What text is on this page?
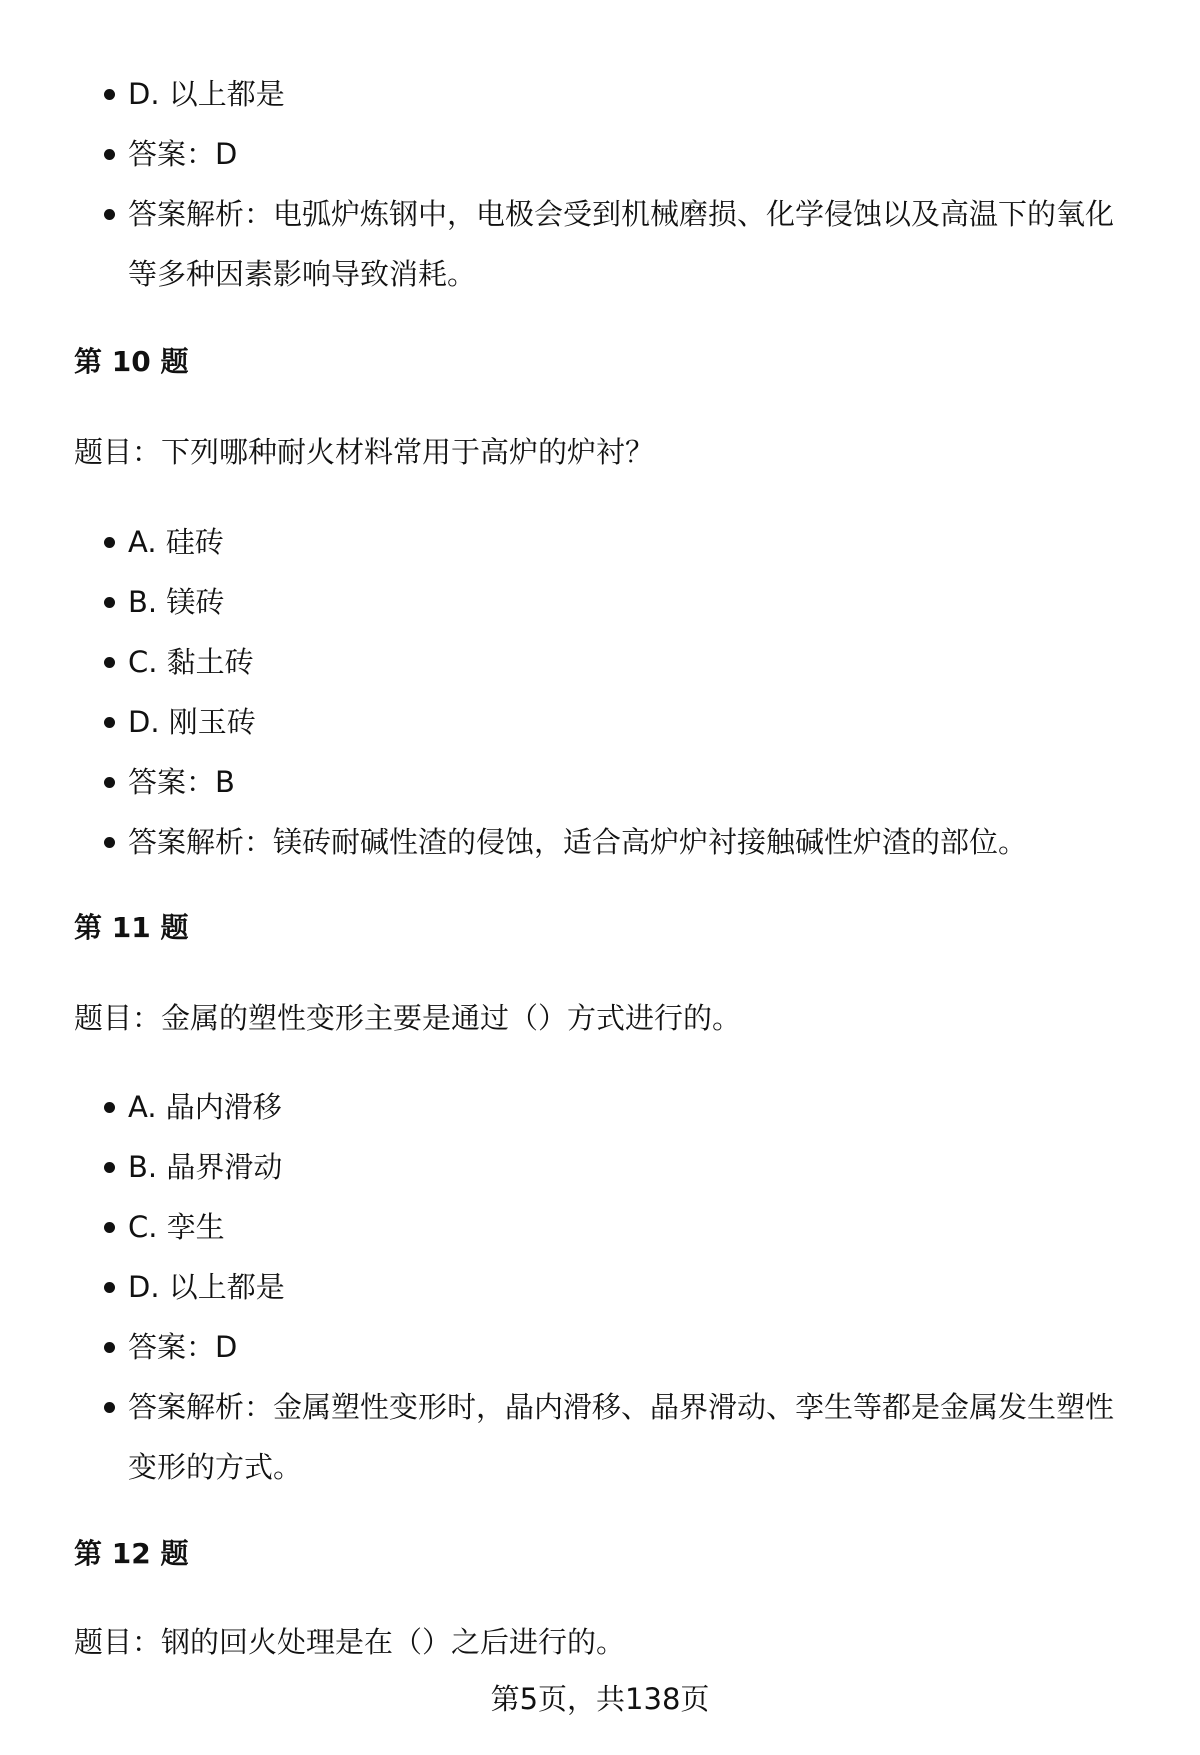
D. 以上都是
答案：D
答案解析：电弧炉炼钢中，电极会受到机械磨损、化学侵蚀以及高温下的氧化
等多种因素影响导致消耗。
第 10 题
题目：下列哪种耐火材料常用于高炉的炉衬？
A. 硅砖
B. 镁砖
C. 黏土砖
D. 刚玉砖
答案：B
答案解析：镁砖耐碱性渣的侵蚀，适合高炉炉衬接触碱性炉渣的部位。
第 11 题
题目：金属的塑性变形主要是通过（）方式进行的。
A. 晶内滑移
B. 晶界滑动
C. 孪生
D. 以上都是
答案：D
答案解析：金属塑性变形时，晶内滑移、晶界滑动、孪生等都是金属发生塑性
变形的方式。
第 12 题
题目：钢的回火处理是在（）之后进行的。
第5页，共138页
